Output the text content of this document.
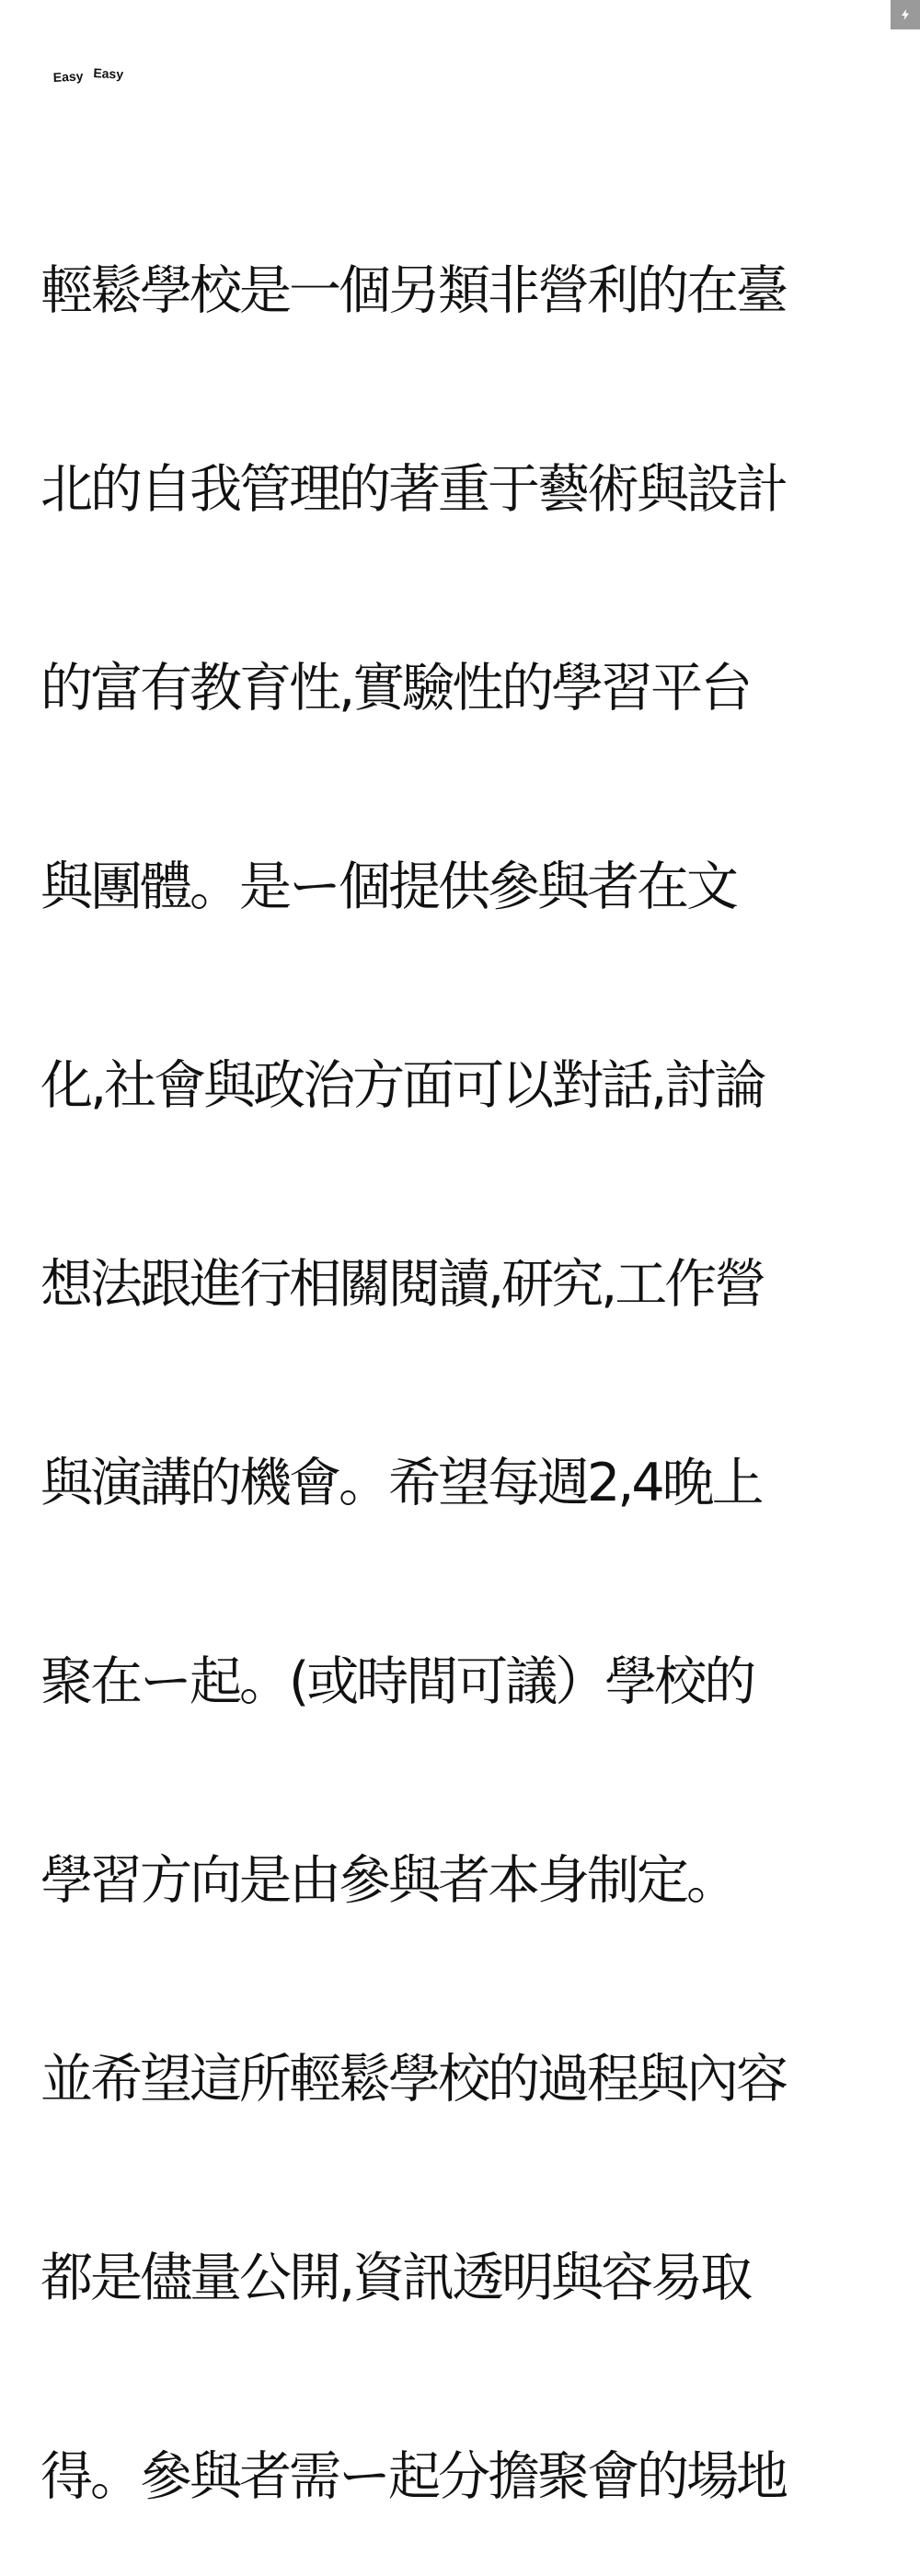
Easy Easy

輕鬆學校是一個另類非營利的在臺

北的自我管理的著重于藝術與設計

的富有教育性,實驗性的學習平台

與團體。是ー個提供參與者在文

化,社會與政治方面可以對話,討論

想法跟進行相關閱讀,研究,工作營

與演講的機會。希望每週2,4晚上

聚在ー起。(或時間可議）學校的

學習方向是由參與者本身制定。

並希望這所輕鬆學校的過程與內容

都是儘量公開,資訊透明與容易取

得。參與者需ー起分擔聚會的場地
